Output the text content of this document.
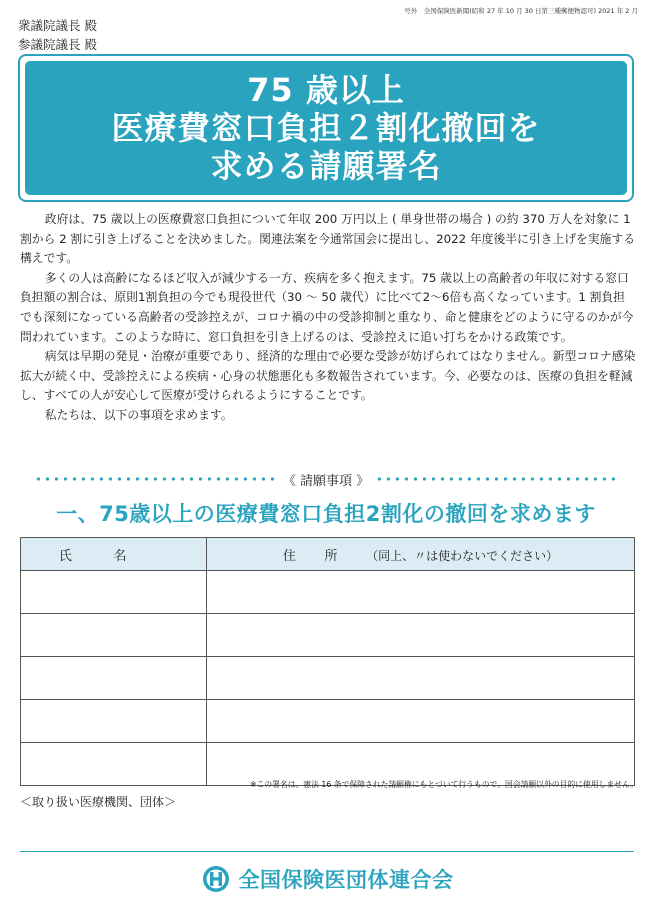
号外　全国保険医新聞(昭和 27 年 10 月 30 日第三種郵便物認可) 2021 年 2 月
衆議院議長 殿
参議院議長 殿
75 歳以上
医療費窓口負担２割化撤回を
求める請願署名

政府は、75 歳以上の医療費窓口負担について年収 200 万円以上 ( 単身世帯の場合 ) の約 370 万人を対象に 1 割から 2 割に引き上げることを決めました。関連法案を今通常国会に提出し、2022 年度後半に引き上げを実施する構えです。

多くの人は高齢になるほど収入が減少する一方、疾病を多く抱えます。75 歳以上の高齢者の年収に対する窓口負担額の割合は、原則1割負担の今でも現役世代（30 ～ 50 歳代）に比べて2～6倍も高くなっています。1 割負担でも深刻になっている高齢者の受診控えが、コロナ禍の中の受診抑制と重なり、命と健康をどのように守るのかが今問われています。このような時に、窓口負担を引き上げるのは、受診控えに追い打ちをかける政策です。

病気は早期の発見・治療が重要であり、経済的な理由で必要な受診が妨げられてはなりません。新型コロナ感染拡大が続く中、受診控えによる疾病・心身の状態悪化も多数報告されています。今、必要なのは、医療の負担を軽減し、すべての人が安心して医療が受けられるようにすることです。

私たちは、以下の事項を求めます。

《 請願事項 》
一、75歳以上の医療費窓口負担2割化の撤回を求めます
氏名	住所（同上、〃は使わないでください）

※この署名は、憲法 16 条で保障された請願権にもとづいて行うもので、国会請願以外の目的に使用しません。
＜取り扱い医療機関、団体＞
全国保険医団体連合会
